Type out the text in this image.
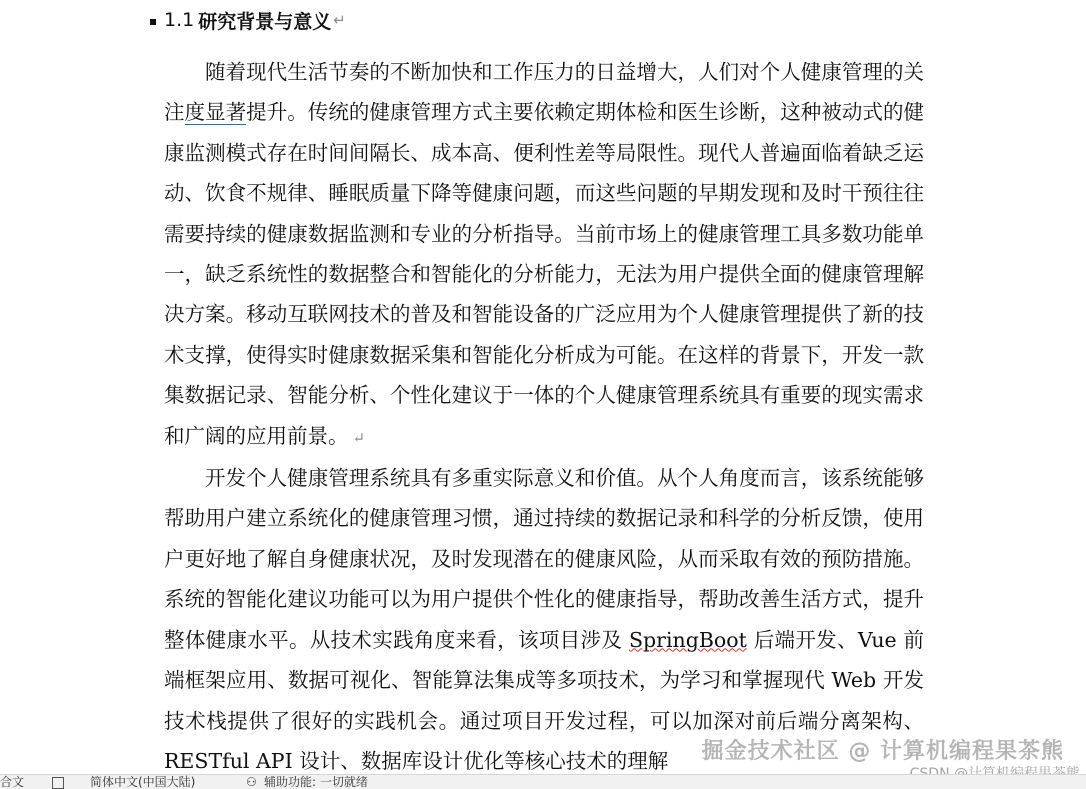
1.1 研究背景与意义 ↵

随着现代生活节奏的不断加快和工作压力的日益增大，人们对个人健康管理的关注度显著提升。传统的健康管理方式主要依赖定期体检和医生诊断，这种被动式的健康监测模式存在时间间隔长、成本高、便利性差等局限性。现代人普遍面临着缺乏运动、饮食不规律、睡眠质量下降等健康问题，而这些问题的早期发现和及时干预往往需要持续的健康数据监测和专业的分析指导。当前市场上的健康管理工具多数功能单一，缺乏系统性的数据整合和智能化的分析能力，无法为用户提供全面的健康管理解决方案。移动互联网技术的普及和智能设备的广泛应用为个人健康管理提供了新的技术支撑，使得实时健康数据采集和智能化分析成为可能。在这样的背景下，开发一款集数据记录、智能分析、个性化建议于一体的个人健康管理系统具有重要的现实需求和广阔的应用前景。 ↵

开发个人健康管理系统具有多重实际意义和价值。从个人角度而言，该系统能够帮助用户建立系统化的健康管理习惯，通过持续的数据记录和科学的分析反馈，使用户更好地了解自身健康状况，及时发现潜在的健康风险，从而采取有效的预防措施。系统的智能化建议功能可以为用户提供个性化的健康指导，帮助改善生活方式，提升整体健康水平。从技术实践角度来看，该项目涉及 SpringBoot 后端开发、Vue 前端框架应用、数据可视化、智能算法集成等多项技术，为学习和掌握现代 Web 开发技术栈提供了很好的实践机会。通过项目开发过程，可以加深对前后端分离架构、RESTful API 设计、数据库设计优化等核心技术的理解	掘金技术社区 @ 计算机编程果茶熊
合文	简体中文(中国大陆)	⚇ 辅助功能: 一切就绪
